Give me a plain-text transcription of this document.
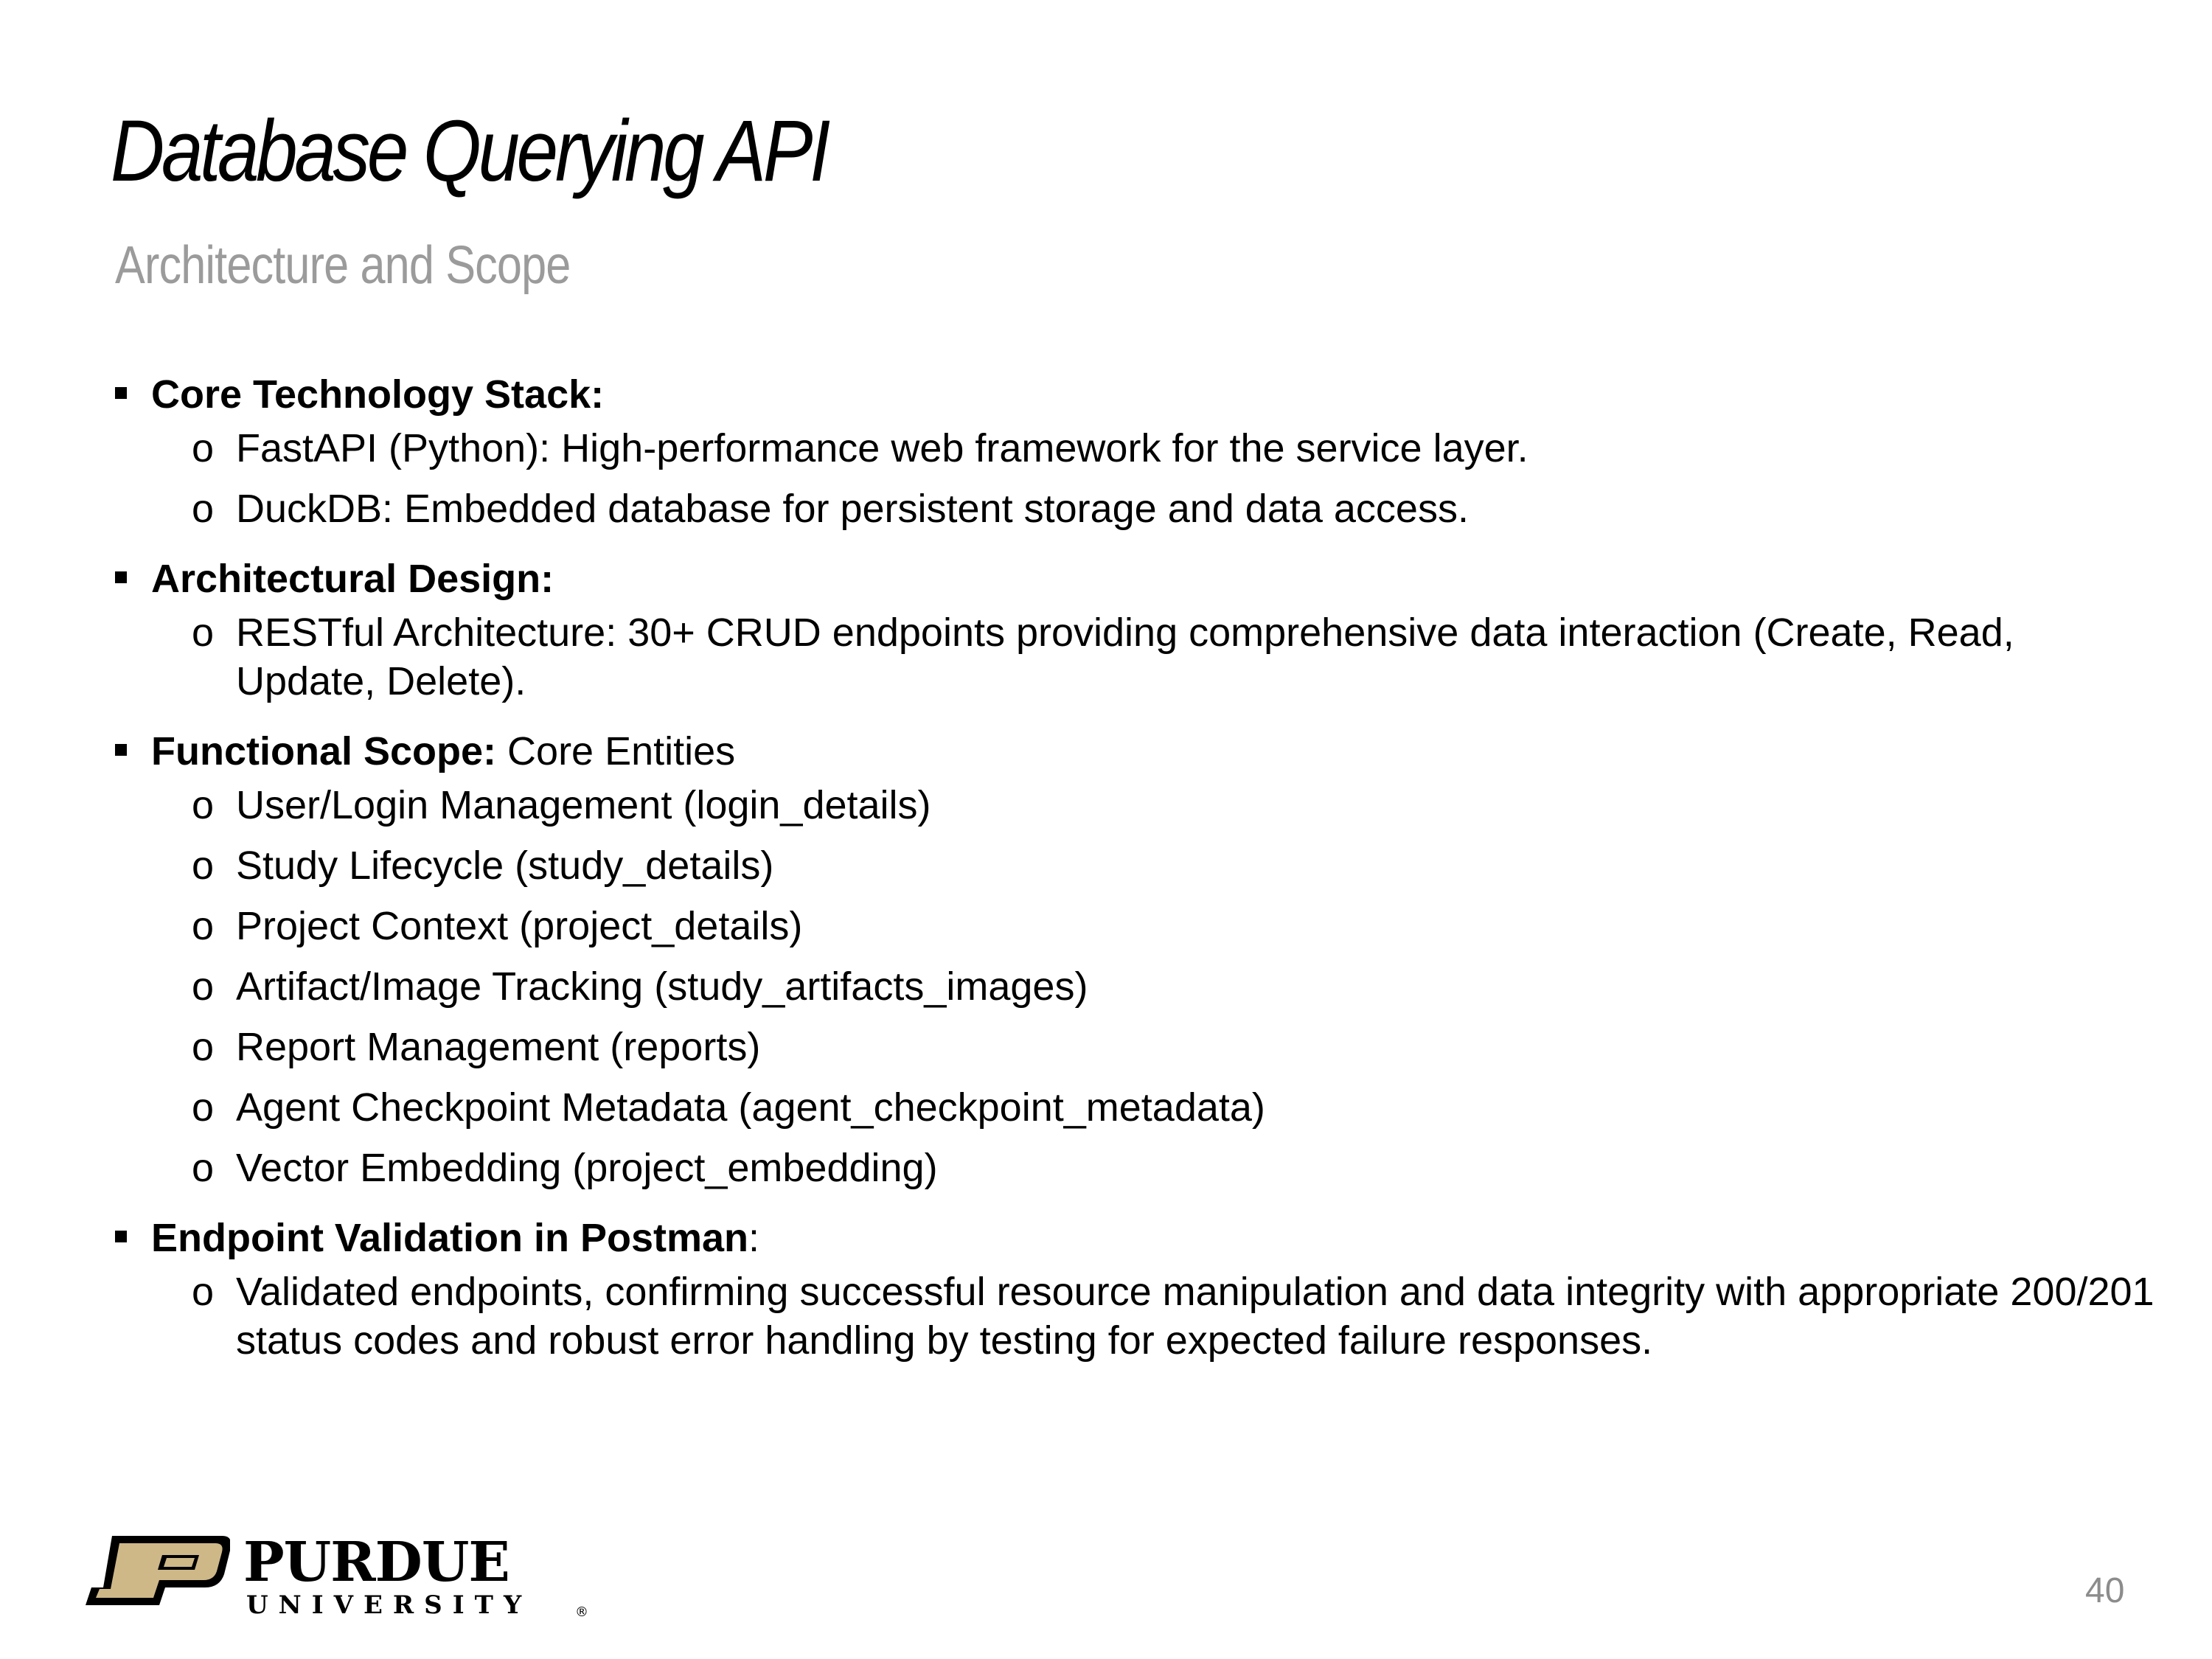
Database Querying API
Architecture and Scope
Core Technology Stack:
o FastAPI (Python): High-performance web framework for the service layer.
o DuckDB: Embedded database for persistent storage and data access.
Architectural Design:
o RESTful Architecture: 30+ CRUD endpoints providing comprehensive data interaction (Create, Read, Update, Delete).
Functional Scope: Core Entities
o User/Login Management (login_details)
o Study Lifecycle (study_details)
o Project Context (project_details)
o Artifact/Image Tracking (study_artifacts_images)
o Report Management (reports)
o Agent Checkpoint Metadata (agent_checkpoint_metadata)
o Vector Embedding (project_embedding)
Endpoint Validation in Postman:
o Validated endpoints, confirming successful resource manipulation and data integrity with appropriate 200/201 status codes and robust error handling by testing for expected failure responses.
PURDUE
UNIVERSITY	®
40
